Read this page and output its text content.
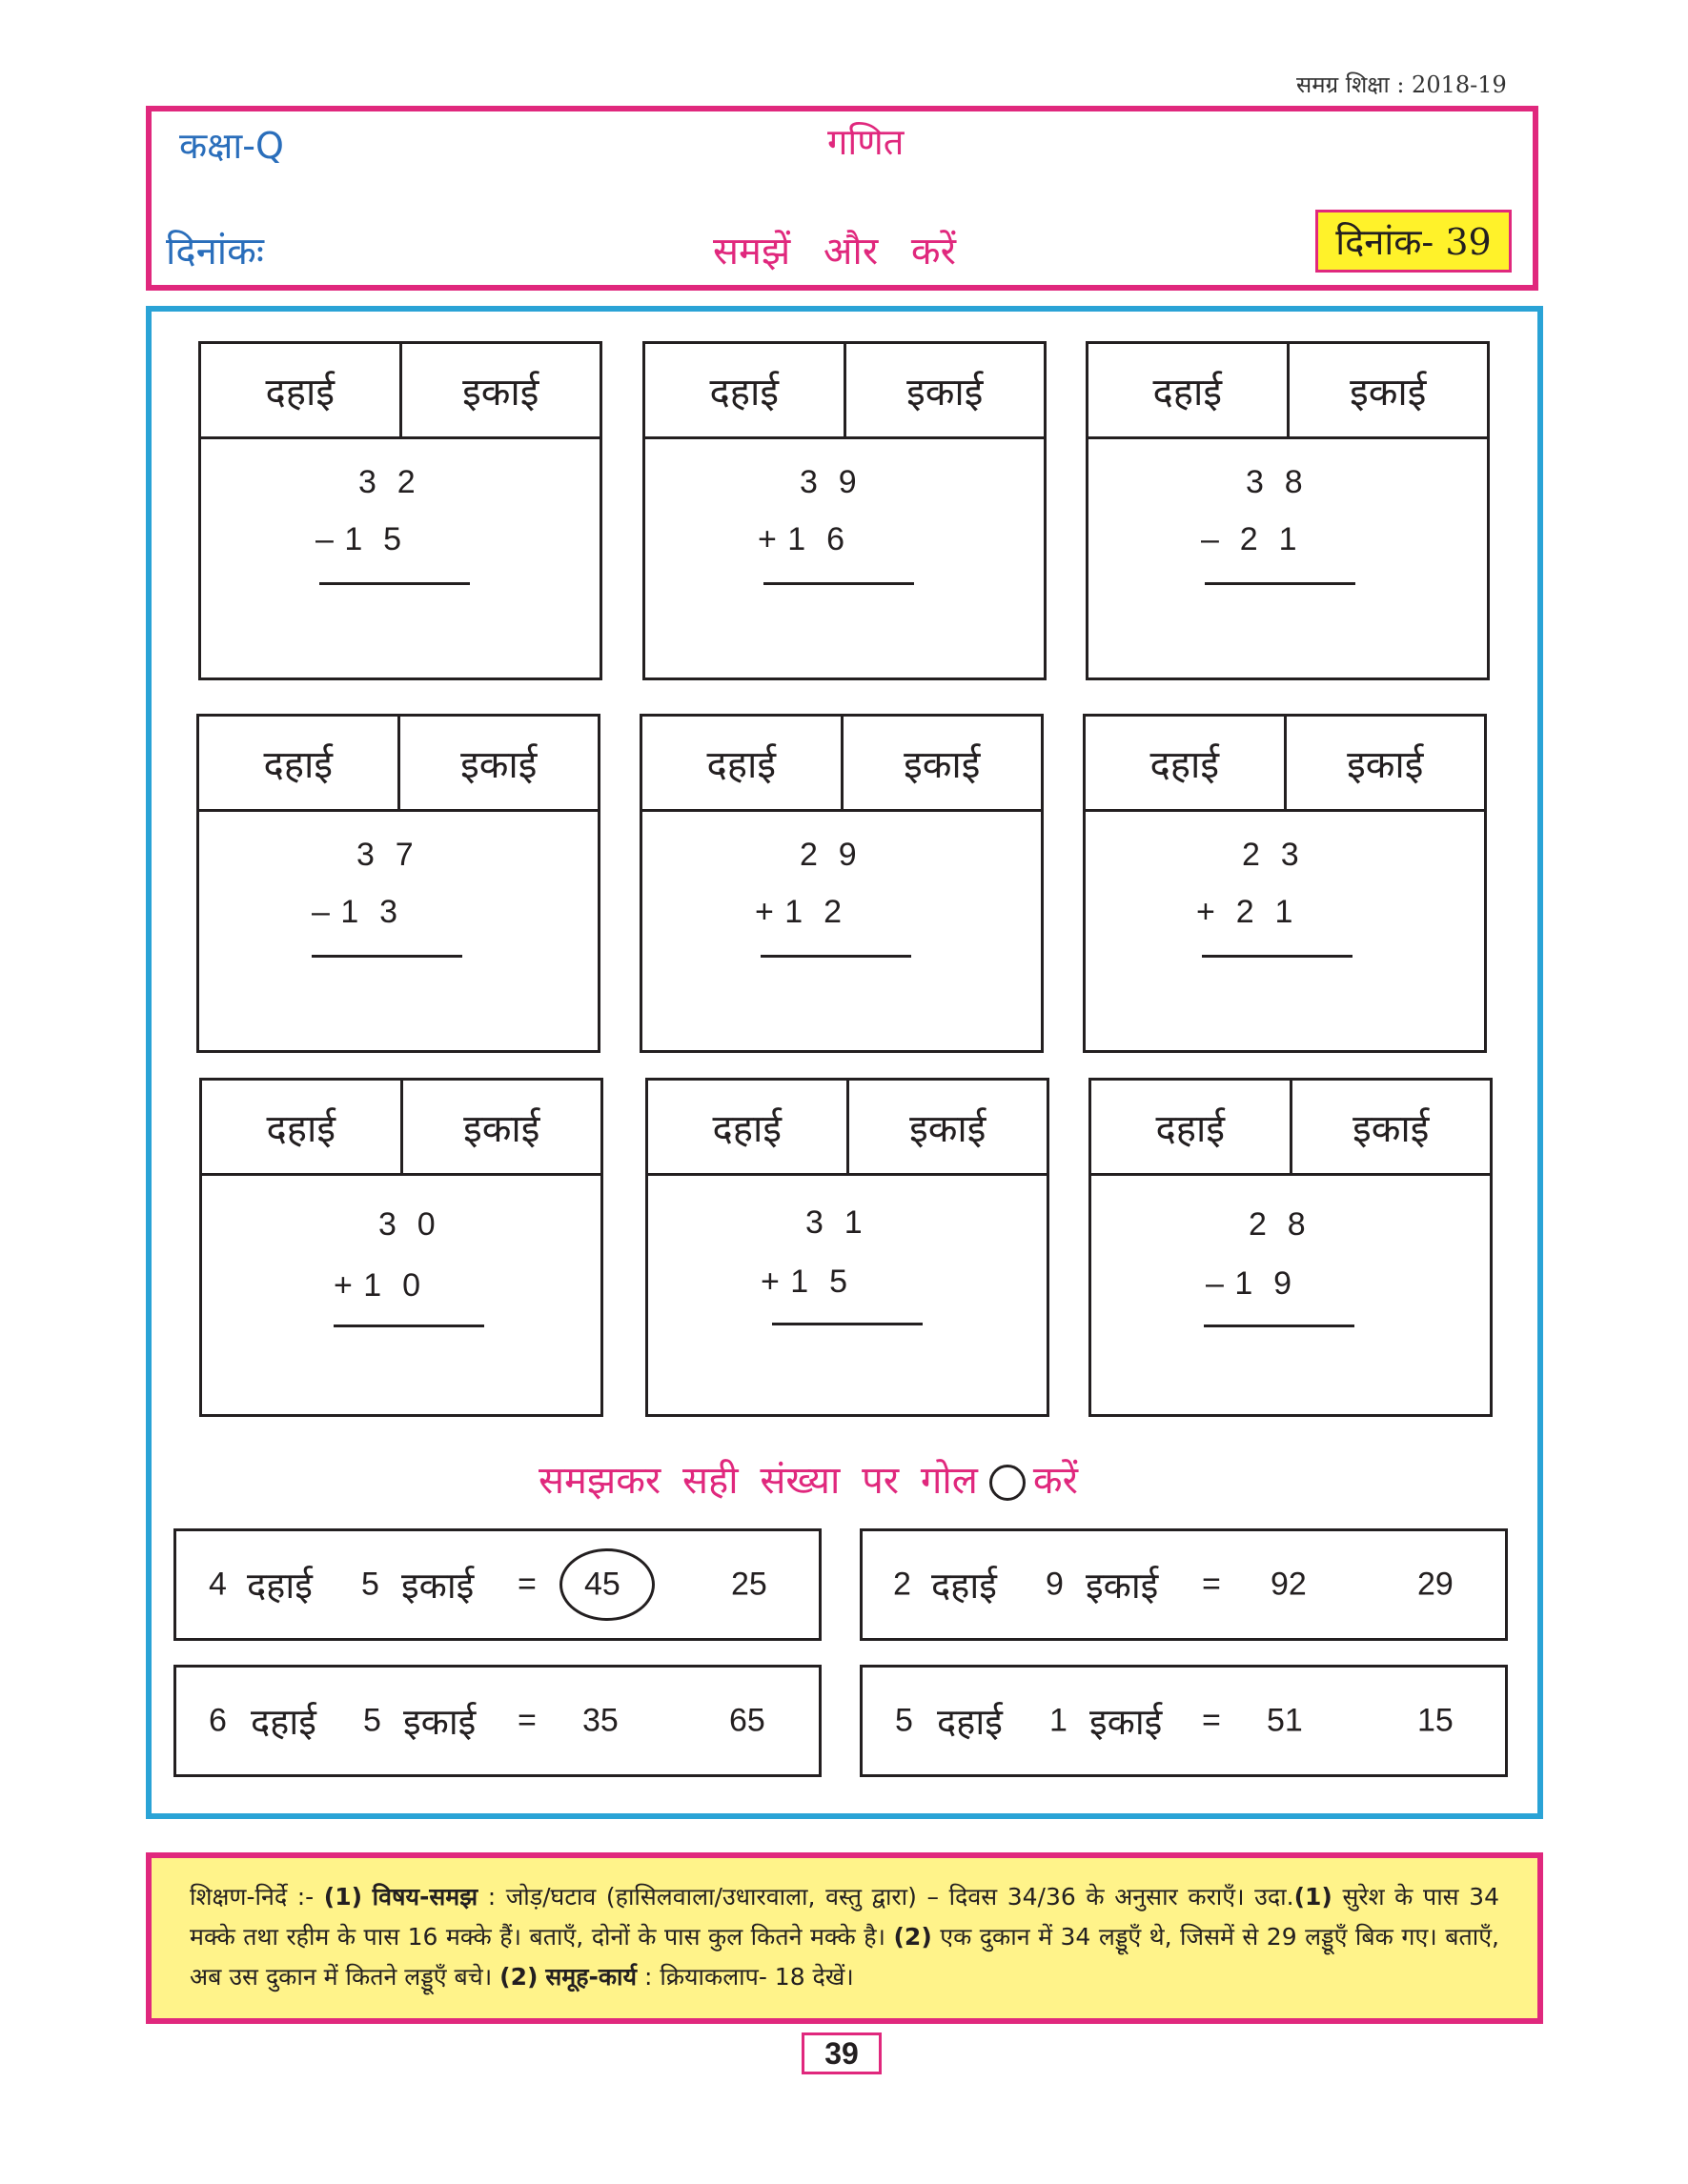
समग्र शिक्षा : 2018-19
कक्षा-Q	गणित
दिनांकः	समझें और करें	दिनांक- 39
दहाई	इकाई
3  2
– 1  5
दहाई	इकाई
3  9
+ 1  6
दहाई	इकाई
3  8
–  2  1
दहाई	इकाई
3  7
– 1  3
दहाई	इकाई
2  9
+ 1  2
दहाई	इकाई
2  3
+  2  1
दहाई	इकाई
3  0
+ 1  0
दहाई	इकाई
3  1
+ 1  5
दहाई	इकाई
2  8
– 1  9
समझकर सही संख्या पर गोल करें
4 दहाई 5 इकाई = 45	25	2 दहाई 9 इकाई = 92	29
6 दहाई 5 इकाई = 35	65	5 दहाई 1 इकाई = 51	15
शिक्षण-निर्दे :- (1) विषय-समझ : जोड़/घटाव (हासिलवाला/उधारवाला, वस्तु द्वारा) – दिवस 34/36 के अनुसार कराएँ। उदा.(1) सुरेश के पास 34 मक्के तथा रहीम के पास 16 मक्के हैं। बताएँ, दोनों के पास कुल कितने मक्के है। (2) एक दुकान में 34 लड्डूएँ थे, जिसमें से 29 लड्डूएँ बिक गए। बताएँ, अब उस दुकान में कितने लड्डूएँ बचे। (2) समूह-कार्य : क्रियाकलाप- 18 देखें।
39
